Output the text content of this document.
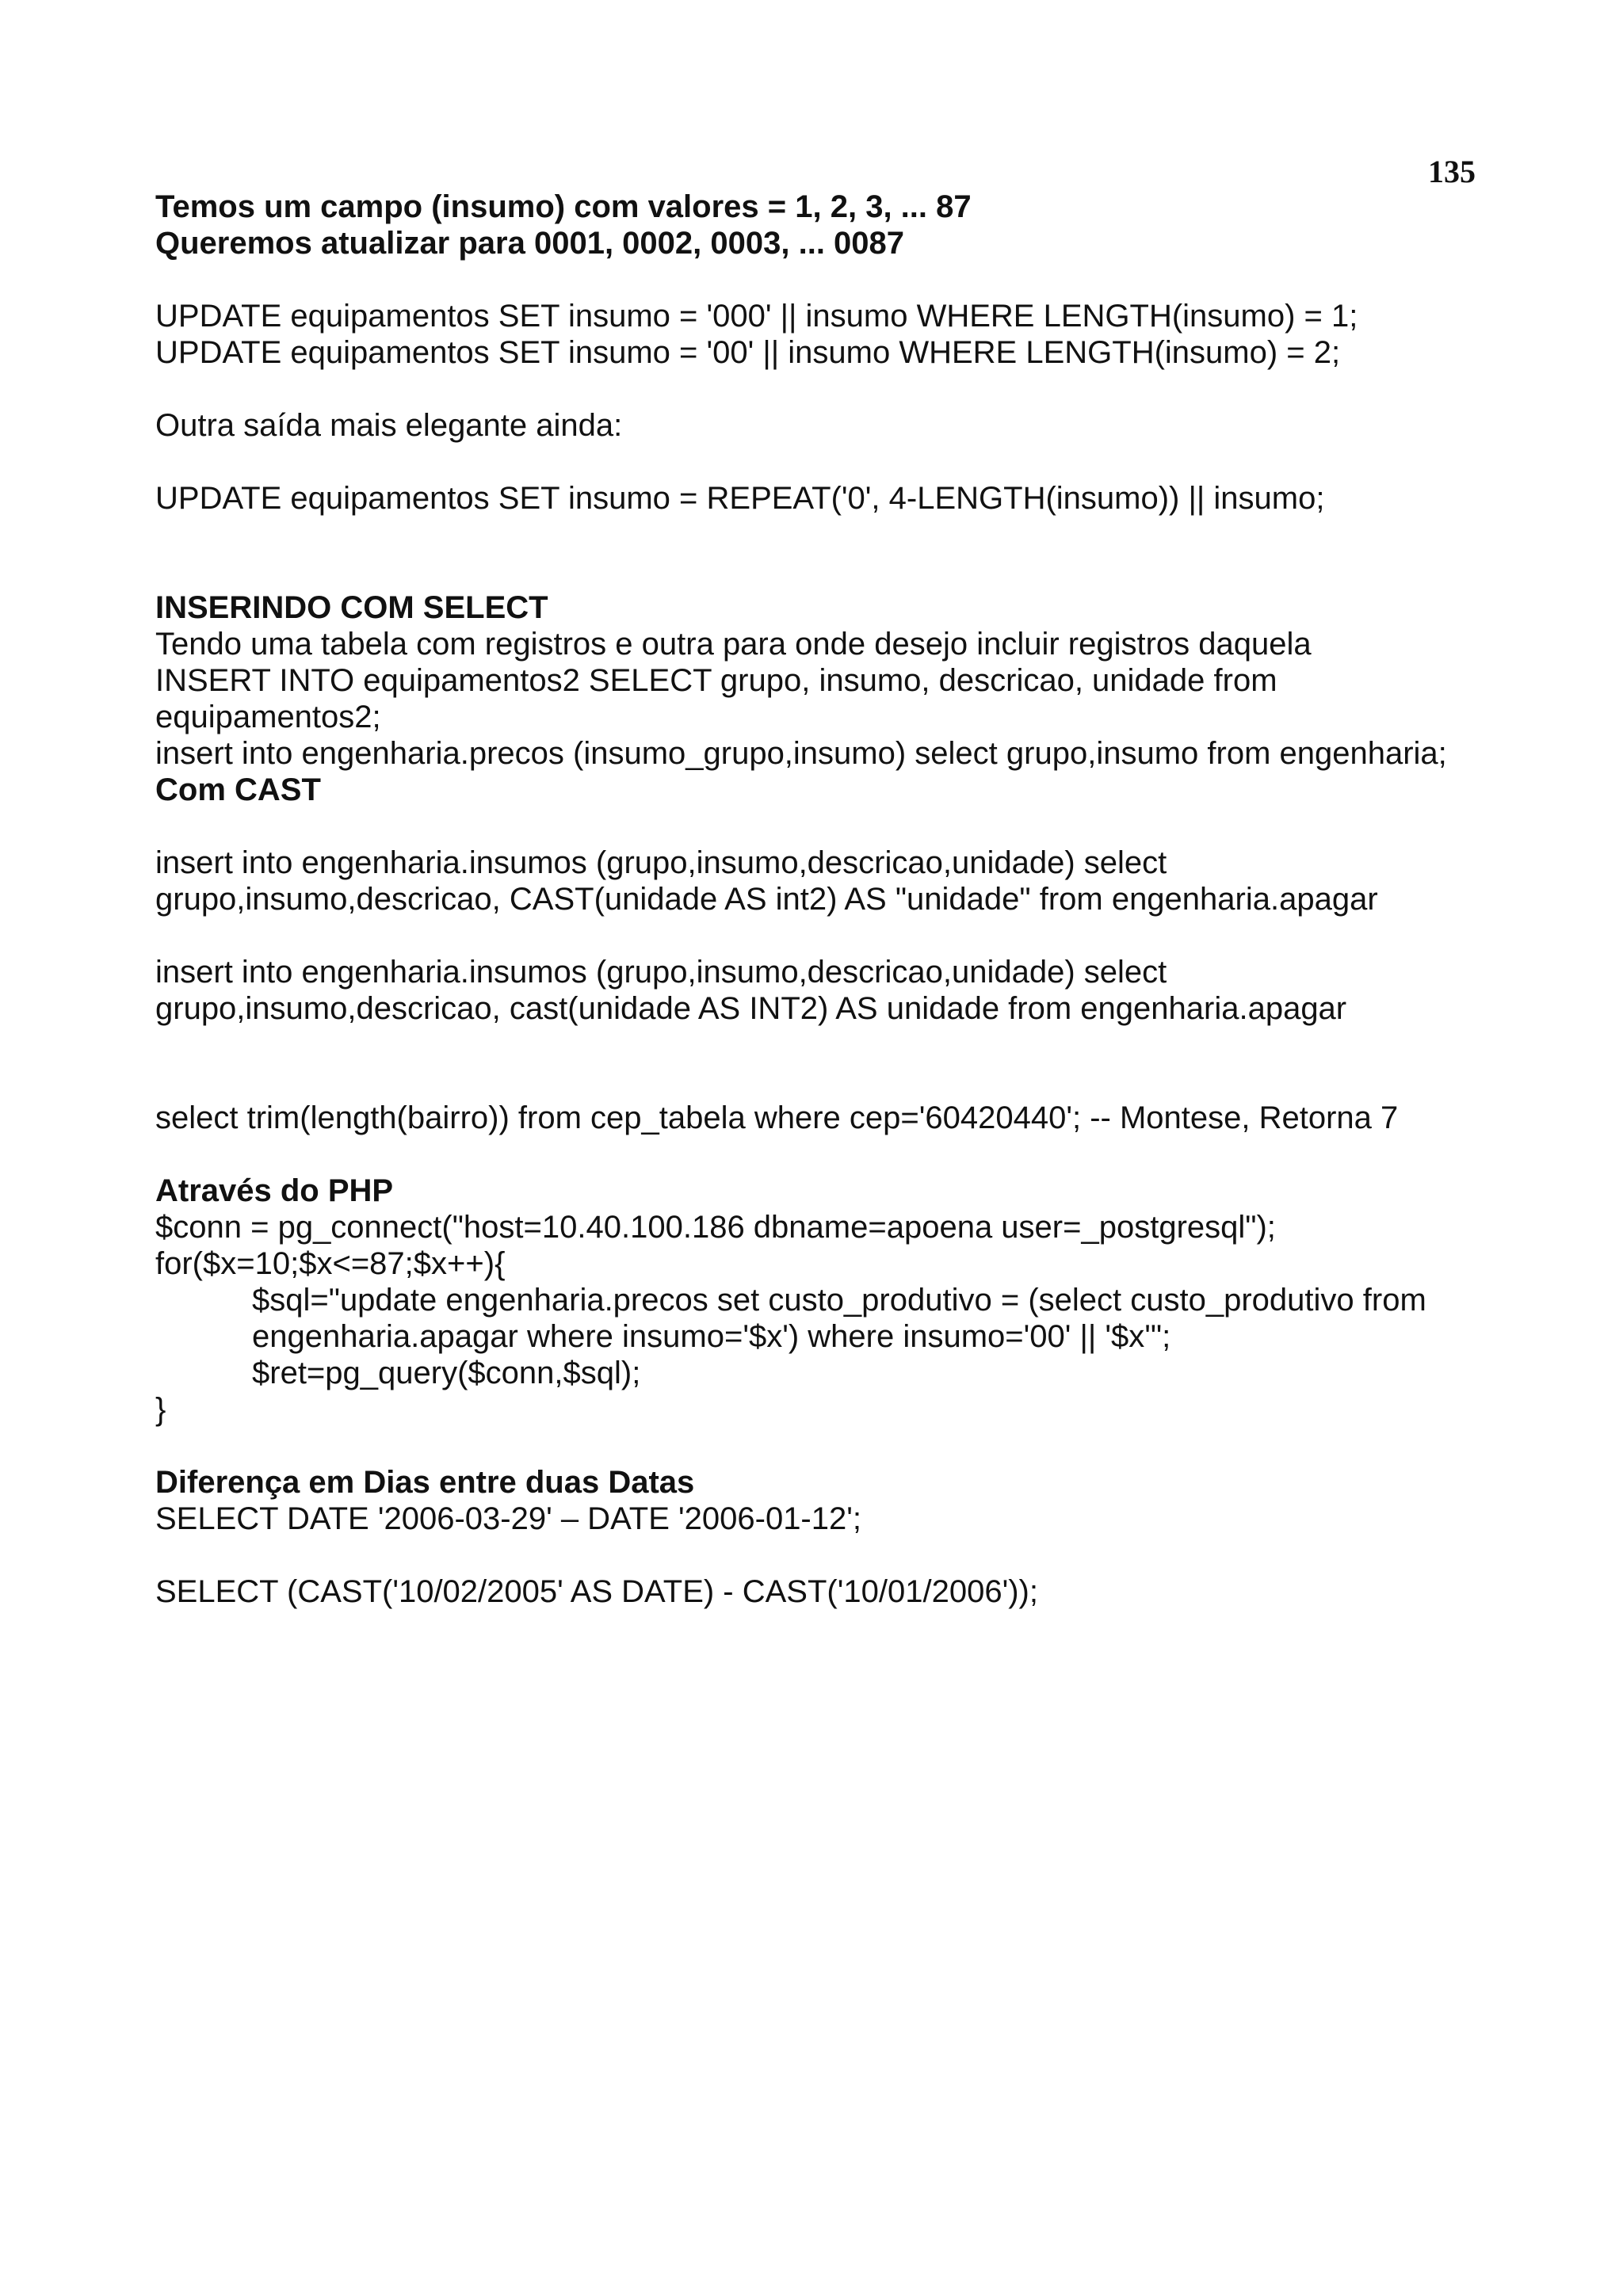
135
Temos um campo (insumo) com valores = 1, 2, 3, ... 87
Queremos atualizar para 0001, 0002, 0003, ... 0087
UPDATE equipamentos SET insumo = '000' || insumo WHERE LENGTH(insumo) = 1;
UPDATE equipamentos SET insumo = '00' || insumo WHERE LENGTH(insumo) = 2;
Outra saída mais elegante ainda:
UPDATE equipamentos SET insumo = REPEAT('0', 4-LENGTH(insumo)) || insumo;
INSERINDO COM SELECT
Tendo uma tabela com registros e outra para onde desejo incluir registros daquela
INSERT INTO equipamentos2 SELECT grupo, insumo, descricao, unidade from
equipamentos2;
insert into engenharia.precos (insumo_grupo,insumo) select grupo,insumo from engenharia;
Com CAST
insert into engenharia.insumos (grupo,insumo,descricao,unidade) select
grupo,insumo,descricao, CAST(unidade AS int2) AS "unidade" from engenharia.apagar
insert into engenharia.insumos (grupo,insumo,descricao,unidade) select
grupo,insumo,descricao, cast(unidade AS INT2) AS unidade from engenharia.apagar
select trim(length(bairro)) from cep_tabela where cep='60420440'; -- Montese, Retorna 7
Através do PHP
$conn = pg_connect("host=10.40.100.186 dbname=apoena user=_postgresql");
for($x=10;$x<=87;$x++){
$sql="update engenharia.precos set custo_produtivo = (select custo_produtivo from
engenharia.apagar where insumo='$x') where insumo='00' || '$x'";
$ret=pg_query($conn,$sql);
}
Diferença em Dias entre duas Datas
SELECT DATE '2006-03-29' – DATE '2006-01-12';
SELECT (CAST('10/02/2005' AS DATE) - CAST('10/01/2006'));
